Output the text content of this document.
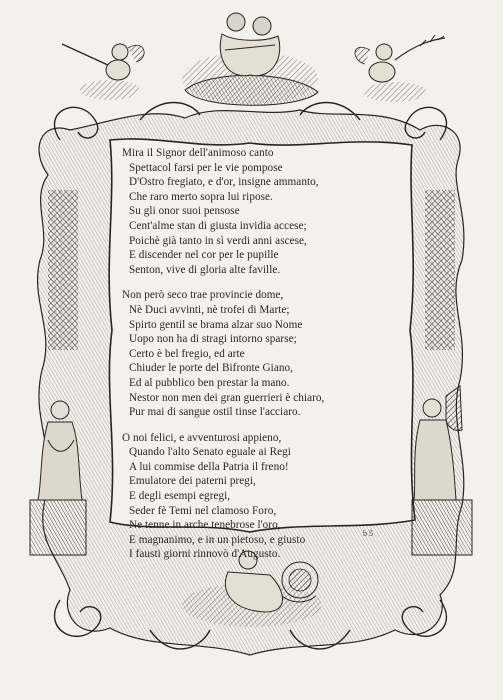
Mira il Signor dell'animoso canto
Spettacol farsi per le vie pompose
D'Ostro fregiato, e d'or, insigne ammanto,
Che raro merto sopra lui ripose.
Su gli onor suoi pensose
Cent'alme stan di giusta invidia accese;
Poichè già tanto in sì verdi anni ascese,
E discender nel cor per le pupille
Senton, vive di gloria alte faville.
Non però seco trae provincie dome,
Nè Duci avvinti, nè trofei di Marte;
Spirto gentil se brama alzar suo Nome
Uopo non ha di stragi intorno sparse;
Certo è bel fregio, ed arte
Chiuder le porte del Bifronte Giano,
Ed al pubblico ben prestar la mano.
Nestor non men dei gran guerrieri è chiaro,
Pur mai di sangue ostil tinse l'acciaro.
O noi felici, e avventurosi appieno,
Quando l'alto Senato eguale ai Regi
A lui commise della Patria il freno!
Emulatore dei paterni pregi,
E degli esempi egregi,
Seder fè Temi nel clamoso Foro,
Ne tenne in arche tenebrose l'oro,
E magnanimo, e in un pietoso, e giusto
I fausti giorni rinnovò d'Augusto.
b 5
